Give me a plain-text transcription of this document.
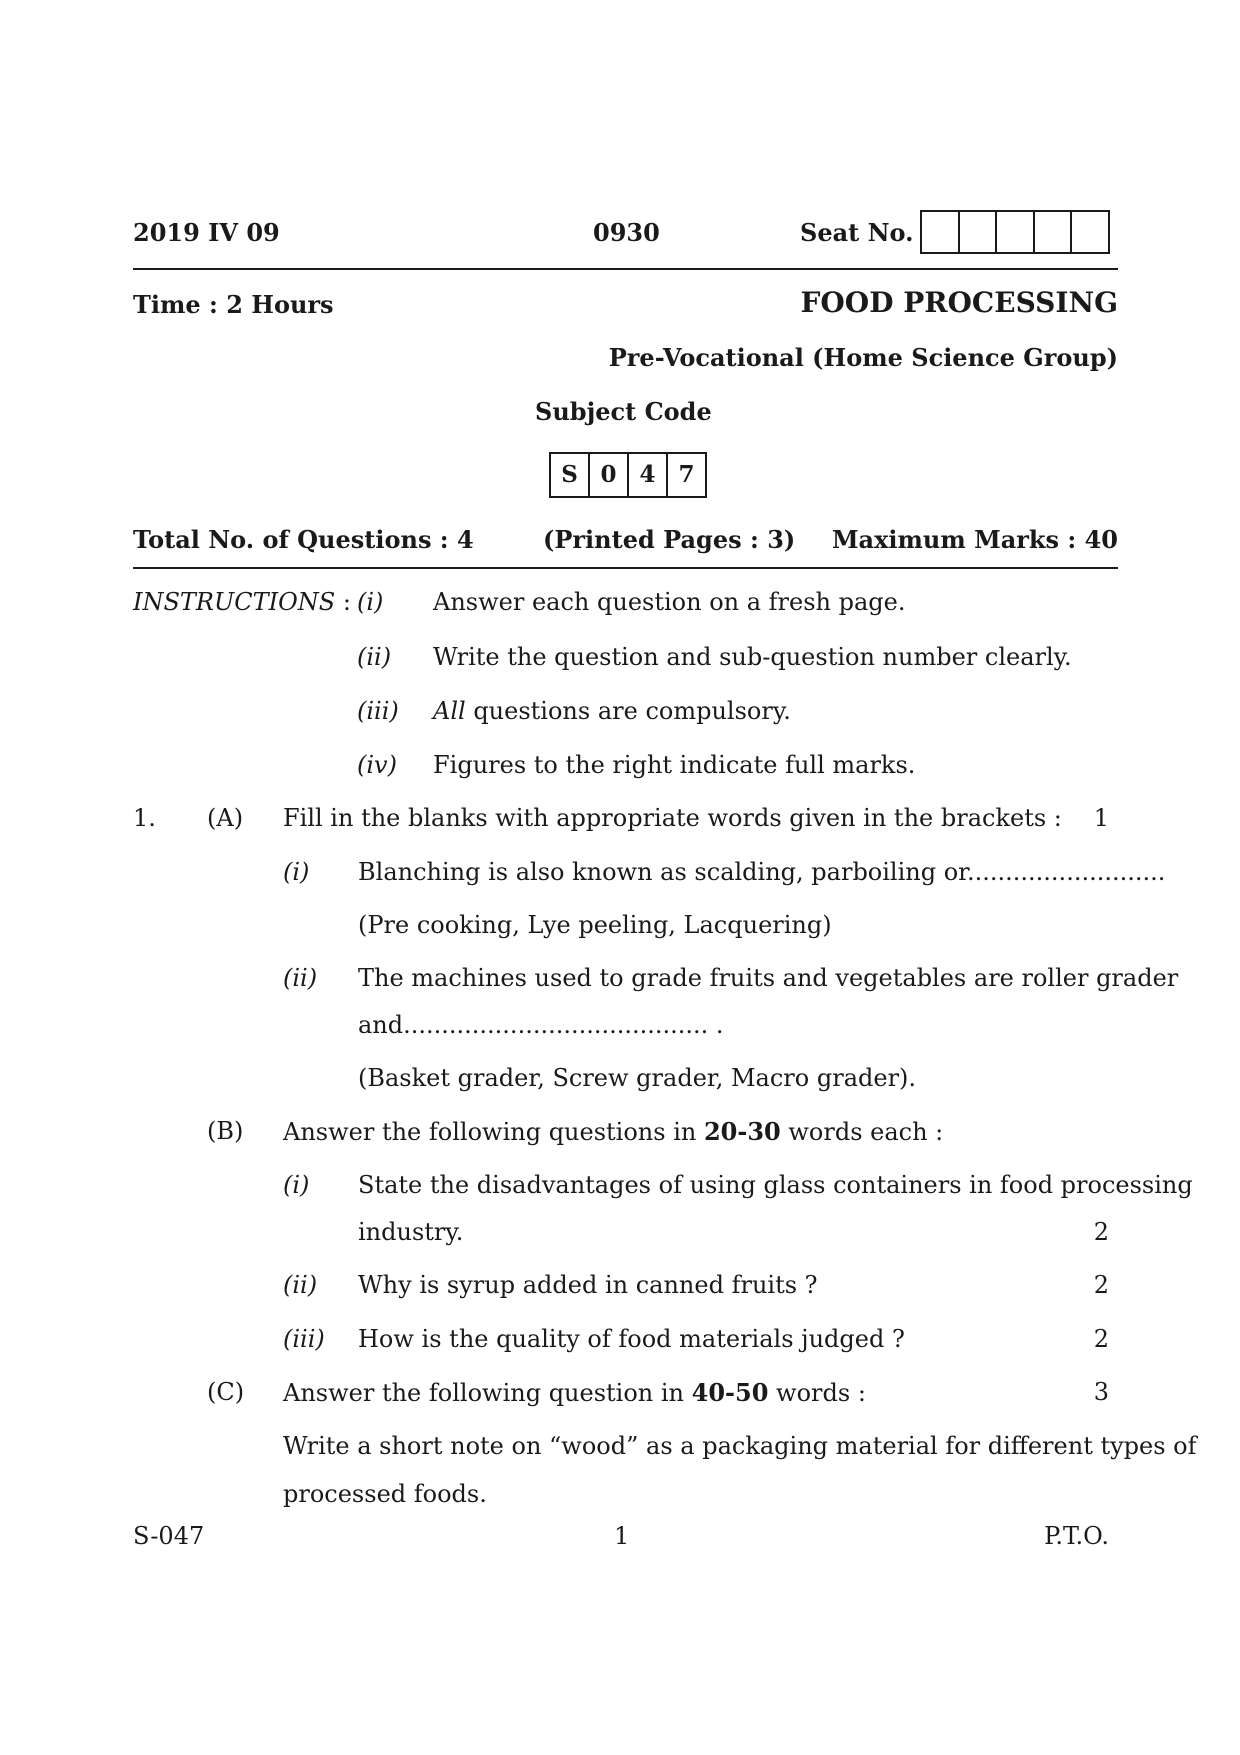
2019 IV 09	0930	Seat No.
Time : 2 Hours	FOOD PROCESSING
Pre-Vocational (Home Science Group)
Subject Code
S 0 4 7
Total No. of Questions : 4	(Printed Pages : 3) Maximum Marks : 40
INSTRUCTIONS : (i) Answer each question on a fresh page.
(ii) Write the question and sub-question number clearly.
(iii) All questions are compulsory.
(iv) Figures to the right indicate full marks.
1. (A) Fill in the blanks with appropriate words given in the brackets : 1
(i) Blanching is also known as scalding, parboiling or..........................
(Pre cooking, Lye peeling, Lacquering)
(ii) The machines used to grade fruits and vegetables are roller grader
and........................................ .
(Basket grader, Screw grader, Macro grader).
(B) Answer the following questions in 20-30 words each :
(i) State the disadvantages of using glass containers in food processing
industry.	2
(ii) Why is syrup added in canned fruits ?	2
(iii) How is the quality of food materials judged ?	2
(C) Answer the following question in 40-50 words :	3
Write a short note on “wood” as a packaging material for different types of
processed foods.
S-047	1	P.T.O.
